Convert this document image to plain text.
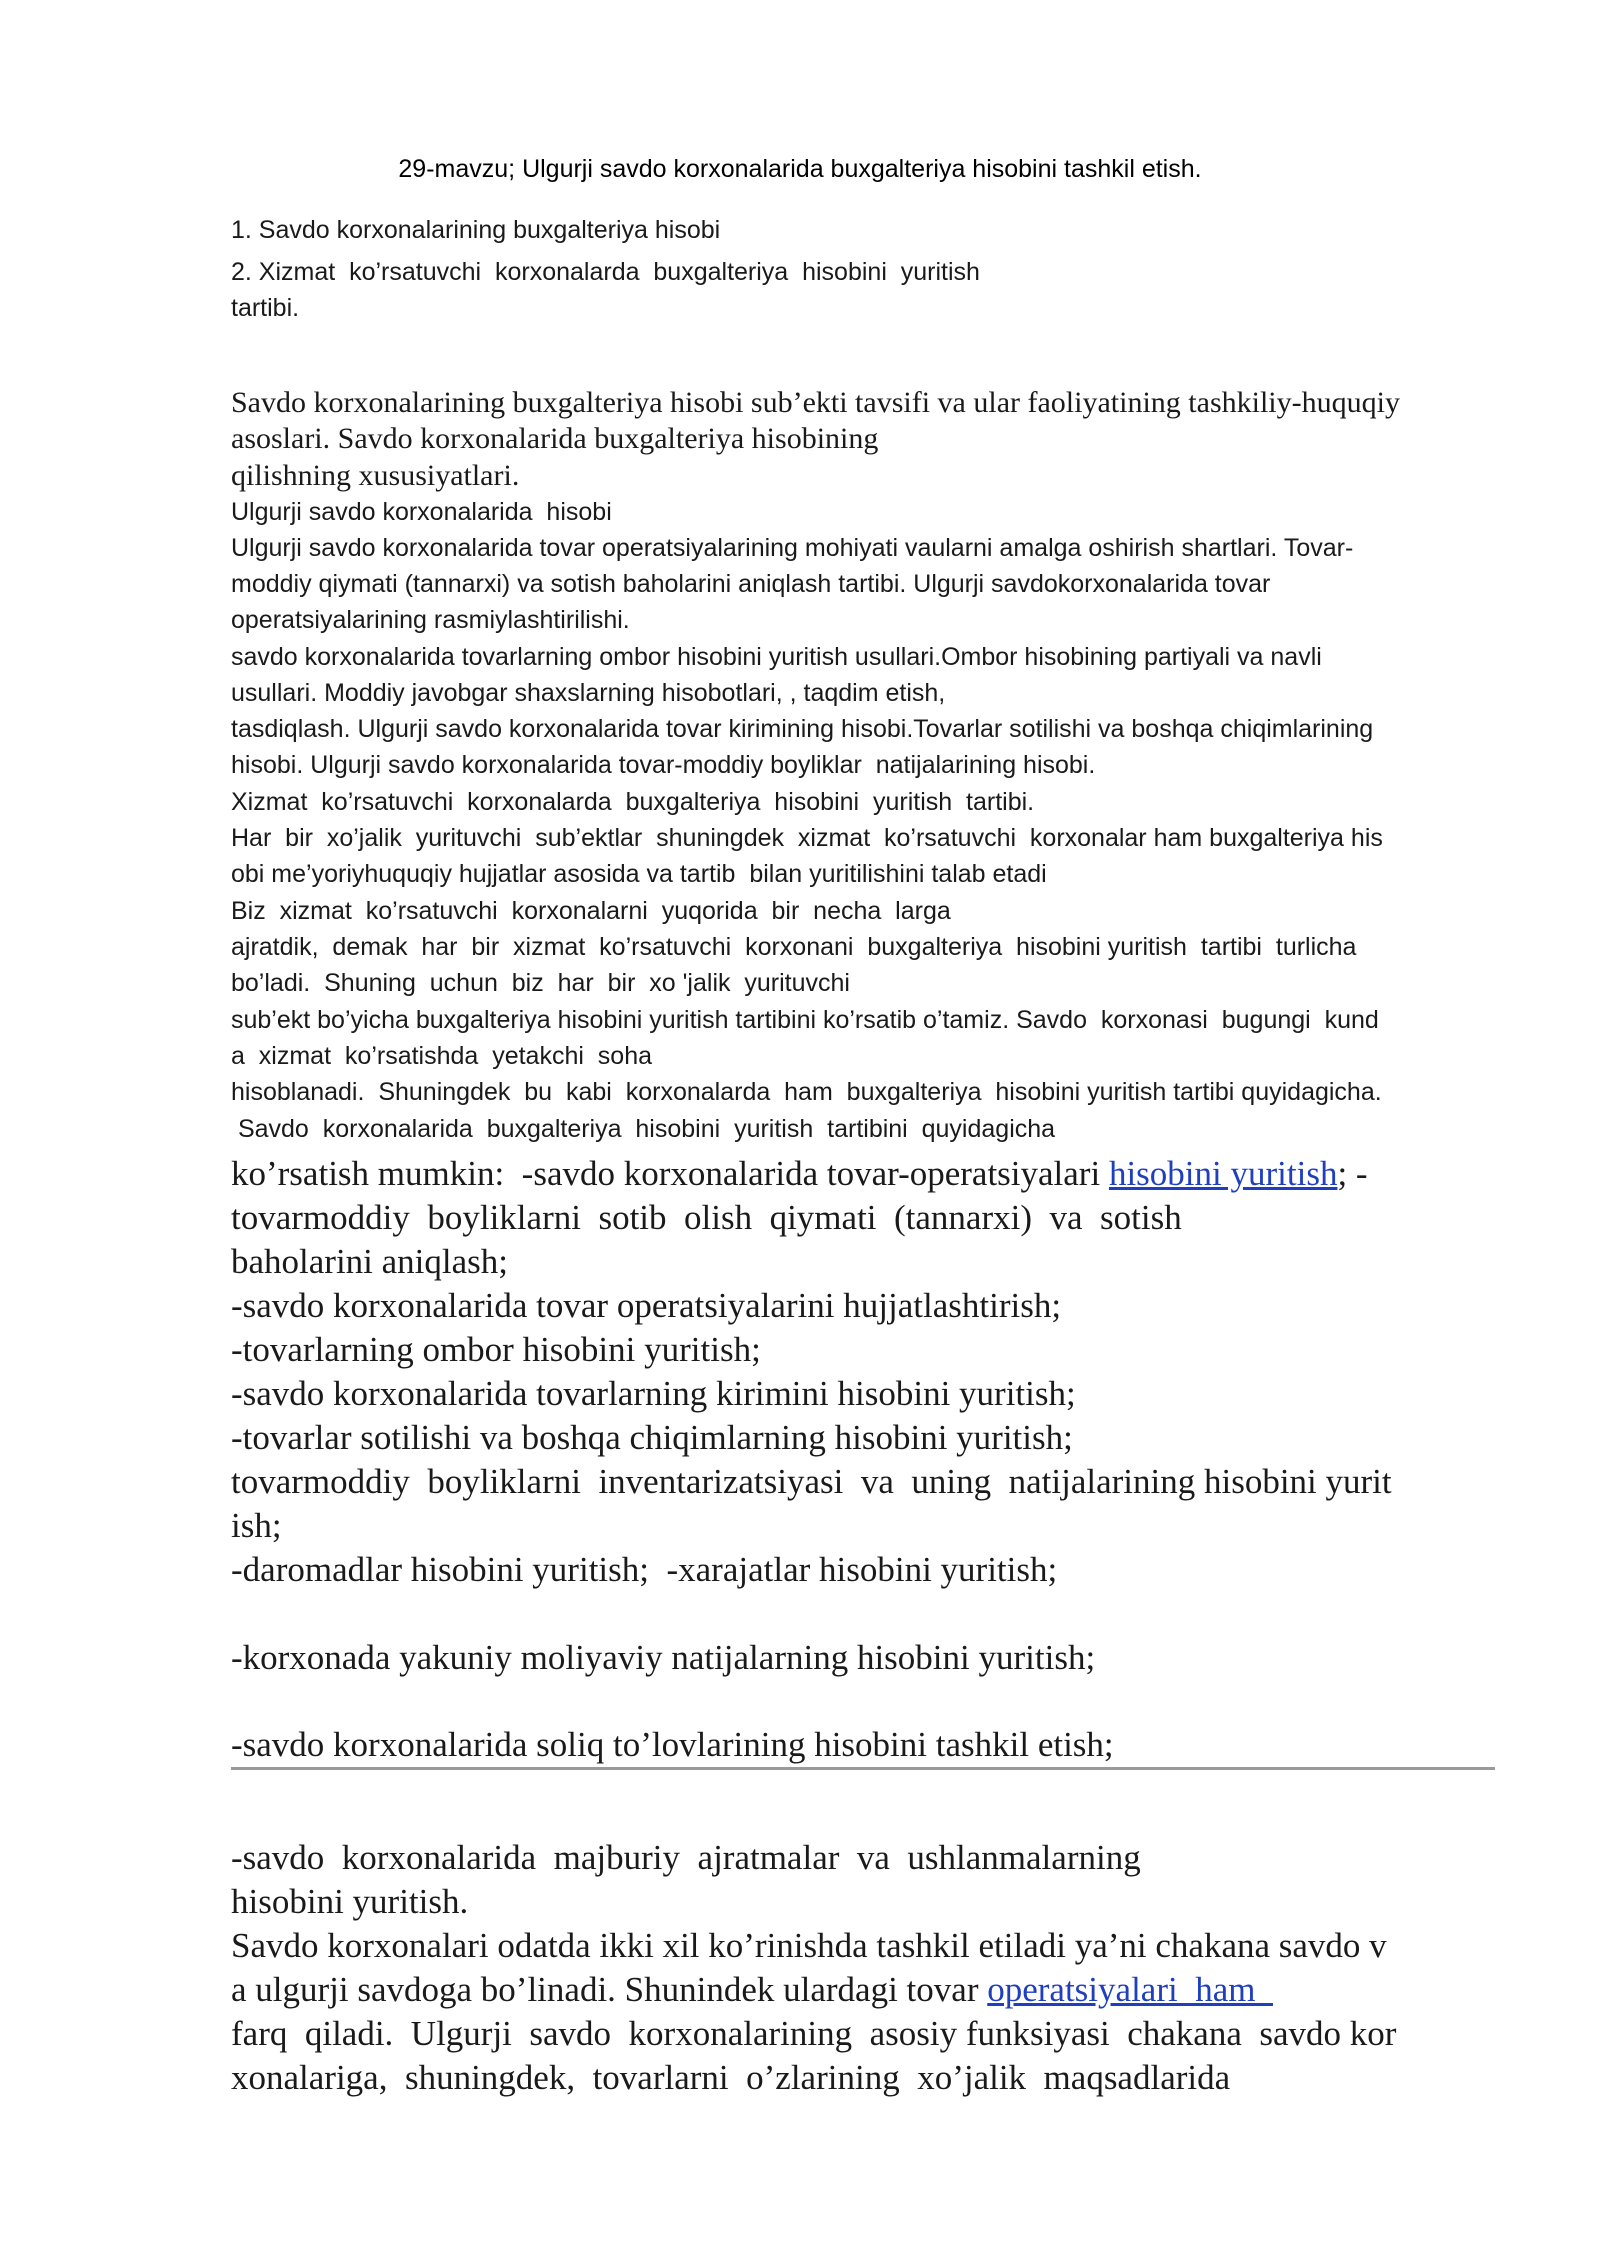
29-mavzu; Ulgurji savdo korxonalarida buxgalteriya hisobini tashkil etish.
1. Savdo korxonalarining buxgalteriya hisobi
2. Xizmat  ko’rsatuvchi  korxonalarda  buxgalteriya  hisobini  yuritish
tartibi.
Savdo korxonalarining buxgalteriya hisobi sub’ekti tavsifi va ular faoliyatining tashkiliy-huquqiy
asoslari. Savdo korxonalarida buxgalteriya hisobining
qilishning xususiyatlari.
Ulgurji savdo korxonalarida  hisobi
Ulgurji savdo korxonalarida tovar operatsiyalarining mohiyati vaularni amalga oshirish shartlari. Tovar-
moddiy qiymati (tannarxi) va sotish baholarini aniqlash tartibi. Ulgurji savdokorxonalarida tovar
operatsiyalarining rasmiylashtirilishi.
savdo korxonalarida tovarlarning ombor hisobini yuritish usullari.Ombor hisobining partiyali va navli
usullari. Moddiy javobgar shaxslarning hisobotlari, , taqdim etish,
tasdiqlash. Ulgurji savdo korxonalarida tovar kirimining hisobi.Tovarlar sotilishi va boshqa chiqimlarining
hisobi. Ulgurji savdo korxonalarida tovar-moddiy boyliklar  natijalarining hisobi.
Xizmat  ko’rsatuvchi  korxonalarda  buxgalteriya  hisobini  yuritish  tartibi.
Har  bir  xo’jalik  yurituvchi  sub’ektlar  shuningdek  xizmat  ko’rsatuvchi  korxonalar ham buxgalteriya his
obi me’yoriyhuquqiy hujjatlar asosida va tartib  bilan yuritilishini talab etadi
Biz  xizmat  ko’rsatuvchi  korxonalarni  yuqorida  bir  necha  larga
ajratdik,  demak  har  bir  xizmat  ko’rsatuvchi  korxonani  buxgalteriya  hisobini yuritish  tartibi  turlicha
bo’ladi.  Shuning  uchun  biz  har  bir  xo 'jalik  yurituvchi
sub’ekt bo’yicha buxgalteriya hisobini yuritish tartibini ko’rsatib o’tamiz. Savdo  korxonasi  bugungi  kund
a  xizmat  ko’rsatishda  yetakchi  soha
hisoblanadi.  Shuningdek  bu  kabi  korxonalarda  ham  buxgalteriya  hisobini yuritish tartibi quyidagicha.
Savdo  korxonalarida  buxgalteriya  hisobini  yuritish  tartibini  quyidagicha
ko’rsatish mumkin:  -savdo korxonalarida tovar-operatsiyalari hisobini yuritish; -
tovarmoddiy  boyliklarni  sotib  olish  qiymati  (tannarxi)  va  sotish
baholarini aniqlash;
-savdo korxonalarida tovar operatsiyalarini hujjatlashtirish;
-tovarlarning ombor hisobini yuritish;
-savdo korxonalarida tovarlarning kirimini hisobini yuritish;
-tovarlar sotilishi va boshqa chiqimlarning hisobini yuritish;
tovarmoddiy  boyliklarni  inventarizatsiyasi  va  uning  natijalarining hisobini yurit
ish;
-daromadlar hisobini yuritish;  -xarajatlar hisobini yuritish;
-korxonada yakuniy moliyaviy natijalarning hisobini yuritish;
-savdo korxonalarida soliq to’lovlarining hisobini tashkil etish;
-savdo  korxonalarida  majburiy  ajratmalar  va  ushlanmalarning
hisobini yuritish.
Savdo korxonalari odatda ikki xil ko’rinishda tashkil etiladi ya’ni chakana savdo v
a ulgurji savdoga bo’linadi. Shunindek ulardagi tovar operatsiyalari  ham
farq  qiladi.  Ulgurji  savdo  korxonalarining  asosiy funksiyasi  chakana  savdo kor
xonalariga,  shuningdek,  tovarlarni  o’zlarining  xo’jalik  maqsadlarida
